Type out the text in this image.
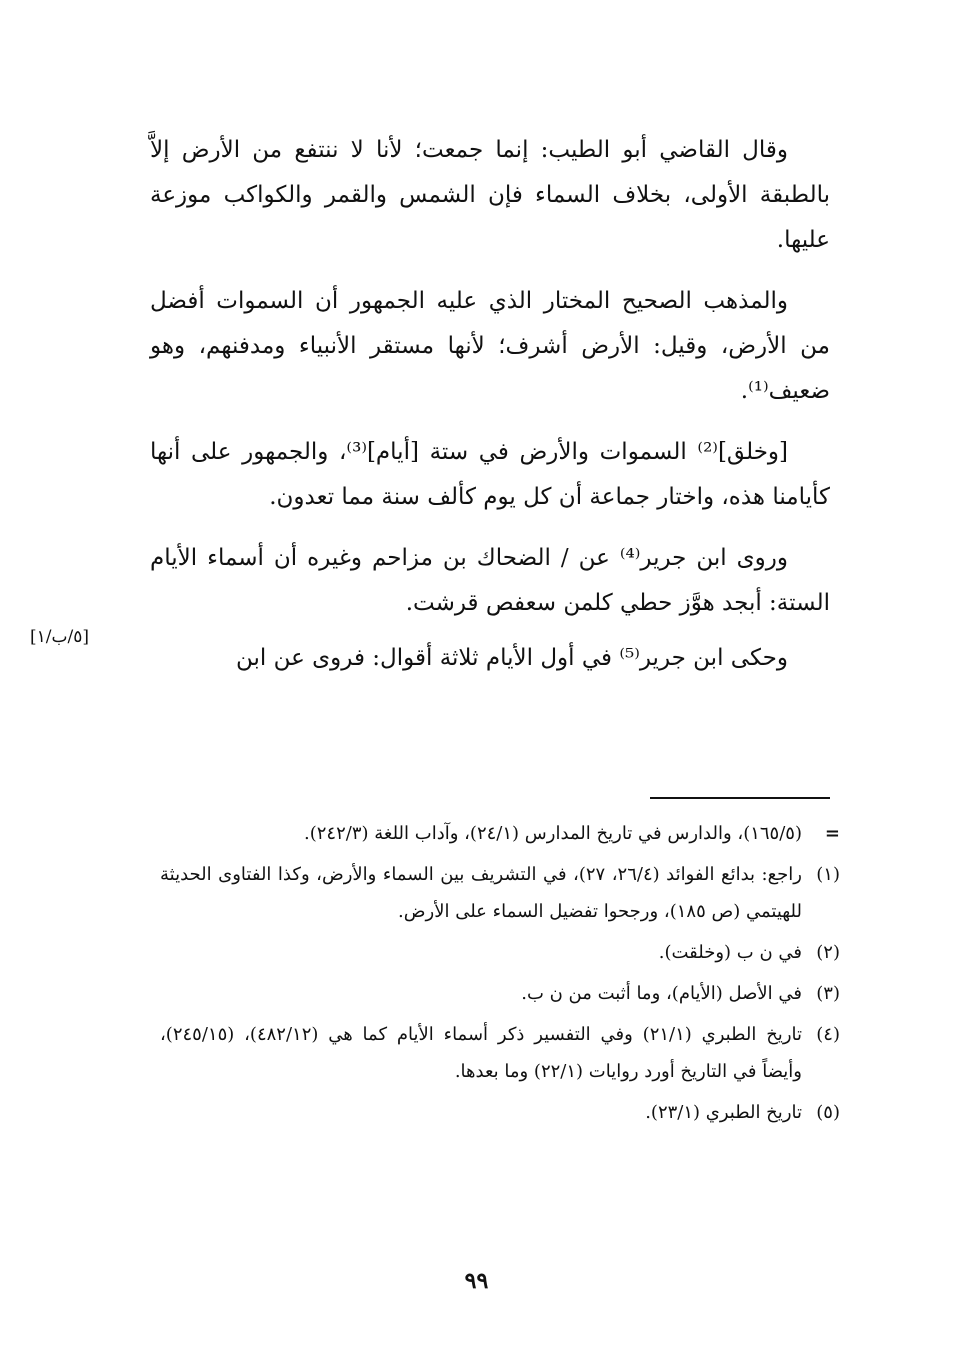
وقال القاضي أبو الطيب: إنما جمعت؛ لأنا لا ننتفع من الأرض إلاَّ بالطبقة الأولى، بخلاف السماء فإن الشمس والقمر والكواكب موزعة عليها.

والمذهب الصحيح المختار الذي عليه الجمهور أن السموات أفضل من الأرض، وقيل: الأرض أشرف؛ لأنها مستقر الأنبياء ومدفنهم، وهو ضعيف⁽¹⁾.

[وخلق]⁽²⁾ السموات والأرض في ستة [أيام]⁽³⁾، والجمهور على أنها كأيامنا هذه، واختار جماعة أن كل يوم كألف سنة مما تعدون.

وروى ابن جرير⁽⁴⁾ عن / الضحاك بن مزاحم وغيره أن أسماء الأيام الستة: أبجد هوَّز حطي كلمن سعفص قرشت.

وحكى ابن جرير⁽⁵⁾ في أول الأيام ثلاثة أقوال: فروى عن ابن

[٥/ب/١]
=
(١٦٥/٥)، والدارس في تاريخ المدارس (٢٤/١)، وآداب اللغة (٢٤٢/٣).
(١)
راجع: بدائع الفوائد (٢٦/٤، ٢٧)، في التشريف بين السماء والأرض، وكذا الفتاوى الحديثة للهيتمي (ص ١٨٥)، ورجحوا تفضيل السماء على الأرض.
(٢)
في ن ب (وخلقت).
(٣)
في الأصل (الأيام)، وما أثبت من ن ب.
(٤)
تاريخ الطبري (٢١/١) وفي التفسير ذكر أسماء الأيام كما هي (٤٨٢/١٢)، (٢٤٥/١٥)، وأيضاً في التاريخ أورد روايات (٢٢/١) وما بعدها.
(٥)
تاريخ الطبري (٢٣/١).
٩٩
